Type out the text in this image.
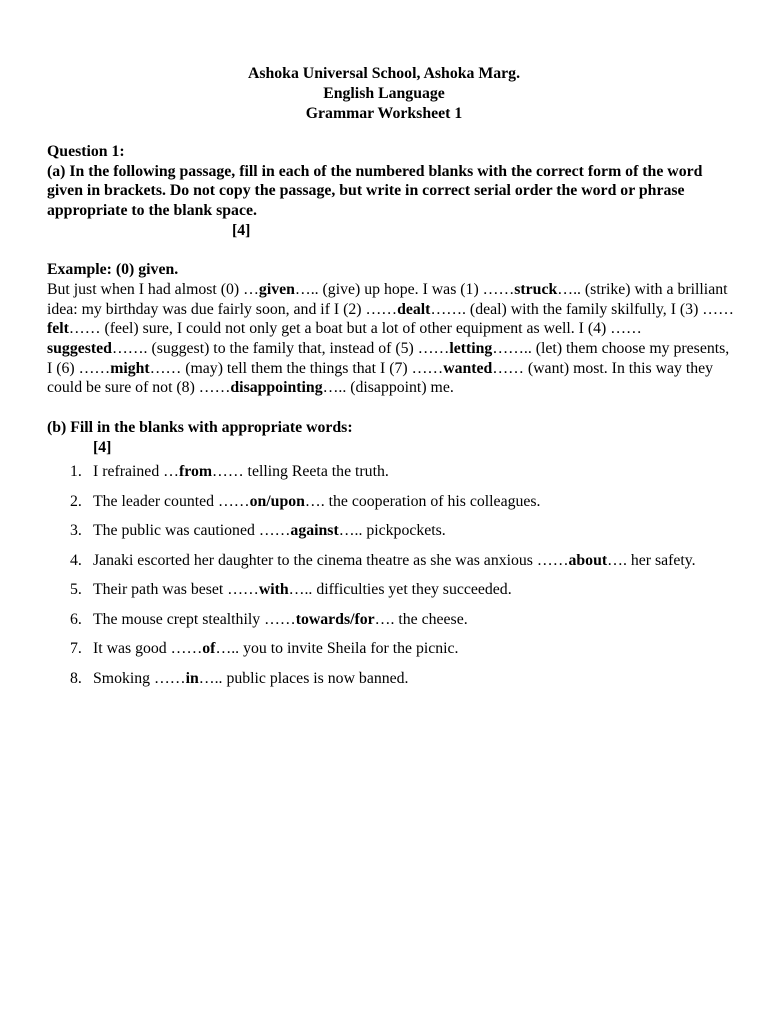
Ashoka Universal School, Ashoka Marg.
English Language
Grammar Worksheet 1
Question 1:
(a) In the following passage, fill in each of the numbered blanks with the correct form of the word given in brackets. Do not copy the passage, but write in correct serial order the word or phrase appropriate to the blank space.
[4]
Example: (0) given.
But just when I had almost (0) …given….. (give) up hope. I was (1) ……struck….. (strike) with a brilliant idea: my birthday was due fairly soon, and if I (2) ……dealt……. (deal) with the family skilfully, I (3) ……felt…… (feel) sure, I could not only get a boat but a lot of other equipment as well. I (4) ……suggested……. (suggest) to the family that, instead of (5) ……letting…….. (let) them choose my presents, I (6) ……might…… (may) tell them the things that I (7) ……wanted…… (want) most. In this way they could be sure of not (8) ……disappointing….. (disappoint) me.
(b) Fill in the blanks with appropriate words:
[4]
1. I refrained …from…… telling Reeta the truth.
2. The leader counted ……on/upon…. the cooperation of his colleagues.
3. The public was cautioned ……against….. pickpockets.
4. Janaki escorted her daughter to the cinema theatre as she was anxious ……about…. her safety.
5. Their path was beset ……with….. difficulties yet they succeeded.
6. The mouse crept stealthily ……towards/for…. the cheese.
7. It was good ……of….. you to invite Sheila for the picnic.
8. Smoking ……in….. public places is now banned.
